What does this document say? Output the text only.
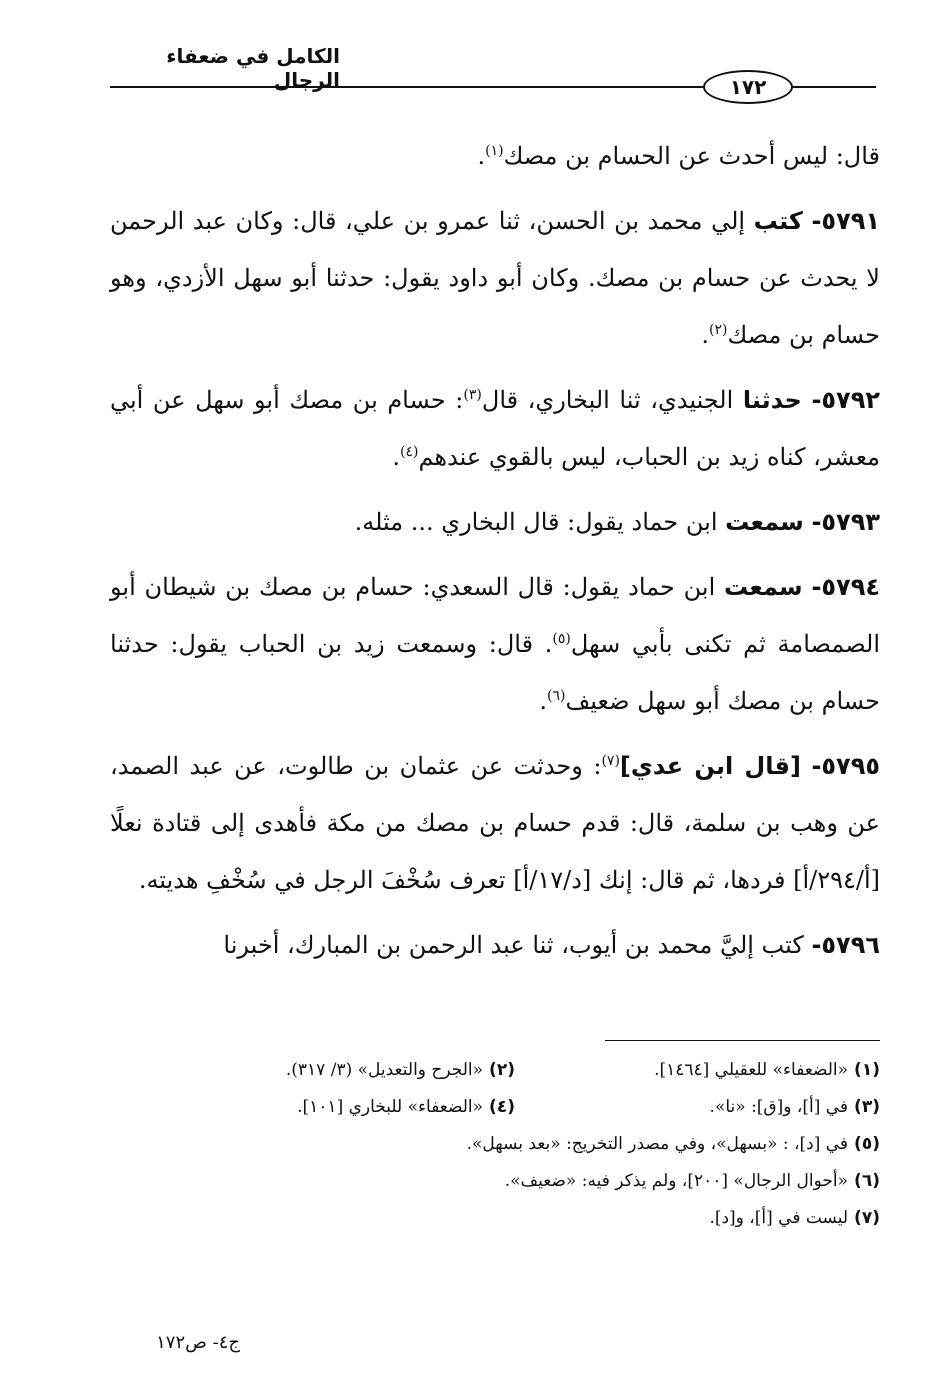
الكامل في ضعفاء الرجال	١٧٢

قال: ليس أحدث عن الحسام بن مصك$^{(١)}$.

٥٧٩١- كتب إلي محمد بن الحسن، ثنا عمرو بن علي، قال: وكان عبد الرحمن لا يحدث عن حسام بن مصك. وكان أبو داود يقول: حدثنا أبو سهل الأزدي، وهو حسام بن مصك$^{(٢)}$.

٥٧٩٢- حدثنا الجنيدي، ثنا البخاري، قال$^{(٣)}$: حسام بن مصك أبو سهل عن أبي معشر، كناه زيد بن الحباب، ليس بالقوي عندهم$^{(٤)}$.

٥٧٩٣- سمعت ابن حماد يقول: قال البخاري ... مثله.

٥٧٩٤- سمعت ابن حماد يقول: قال السعدي: حسام بن مصك بن شيطان أبو الصمصامة ثم تكنى بأبي سهل$^{(٥)}$. قال: وسمعت زيد بن الحباب يقول: حدثنا حسام بن مصك أبو سهل ضعيف$^{(٦)}$.

٥٧٩٥- [قال ابن عدي]$^{(٧)}$: وحدثت عن عثمان بن طالوت، عن عبد الصمد، عن وهب بن سلمة، قال: قدم حسام بن مصك من مكة فأهدى إلى قتادة نعلًا [أ/٢٩٤/أ] فردها، ثم قال: إنك [د/١٧/أ] تعرف سُخْفَ الرجل في سُخْفِ هديته.

٥٧٩٦- كتب إليَّ محمد بن أيوب، ثنا عبد الرحمن بن المبارك، أخبرنا

(١)«الضعفاء» للعقيلي [١٤٦٤].
(٢)«الجرح والتعديل» (٣/ ٣١٧).
(٣)في [أ]، و[ق]: «نا».
(٤)«الضعفاء» للبخاري [١٠١].
(٥)في [د]، : «بسهل»، وفي مصدر التخريج: «بعد بسهل».
(٦)«أحوال الرجال» [٢٠٠]، ولم يذكر فيه: «ضعيف».
(٧)ليست في [أ]، و[د].
ج٤- ص١٧٢
